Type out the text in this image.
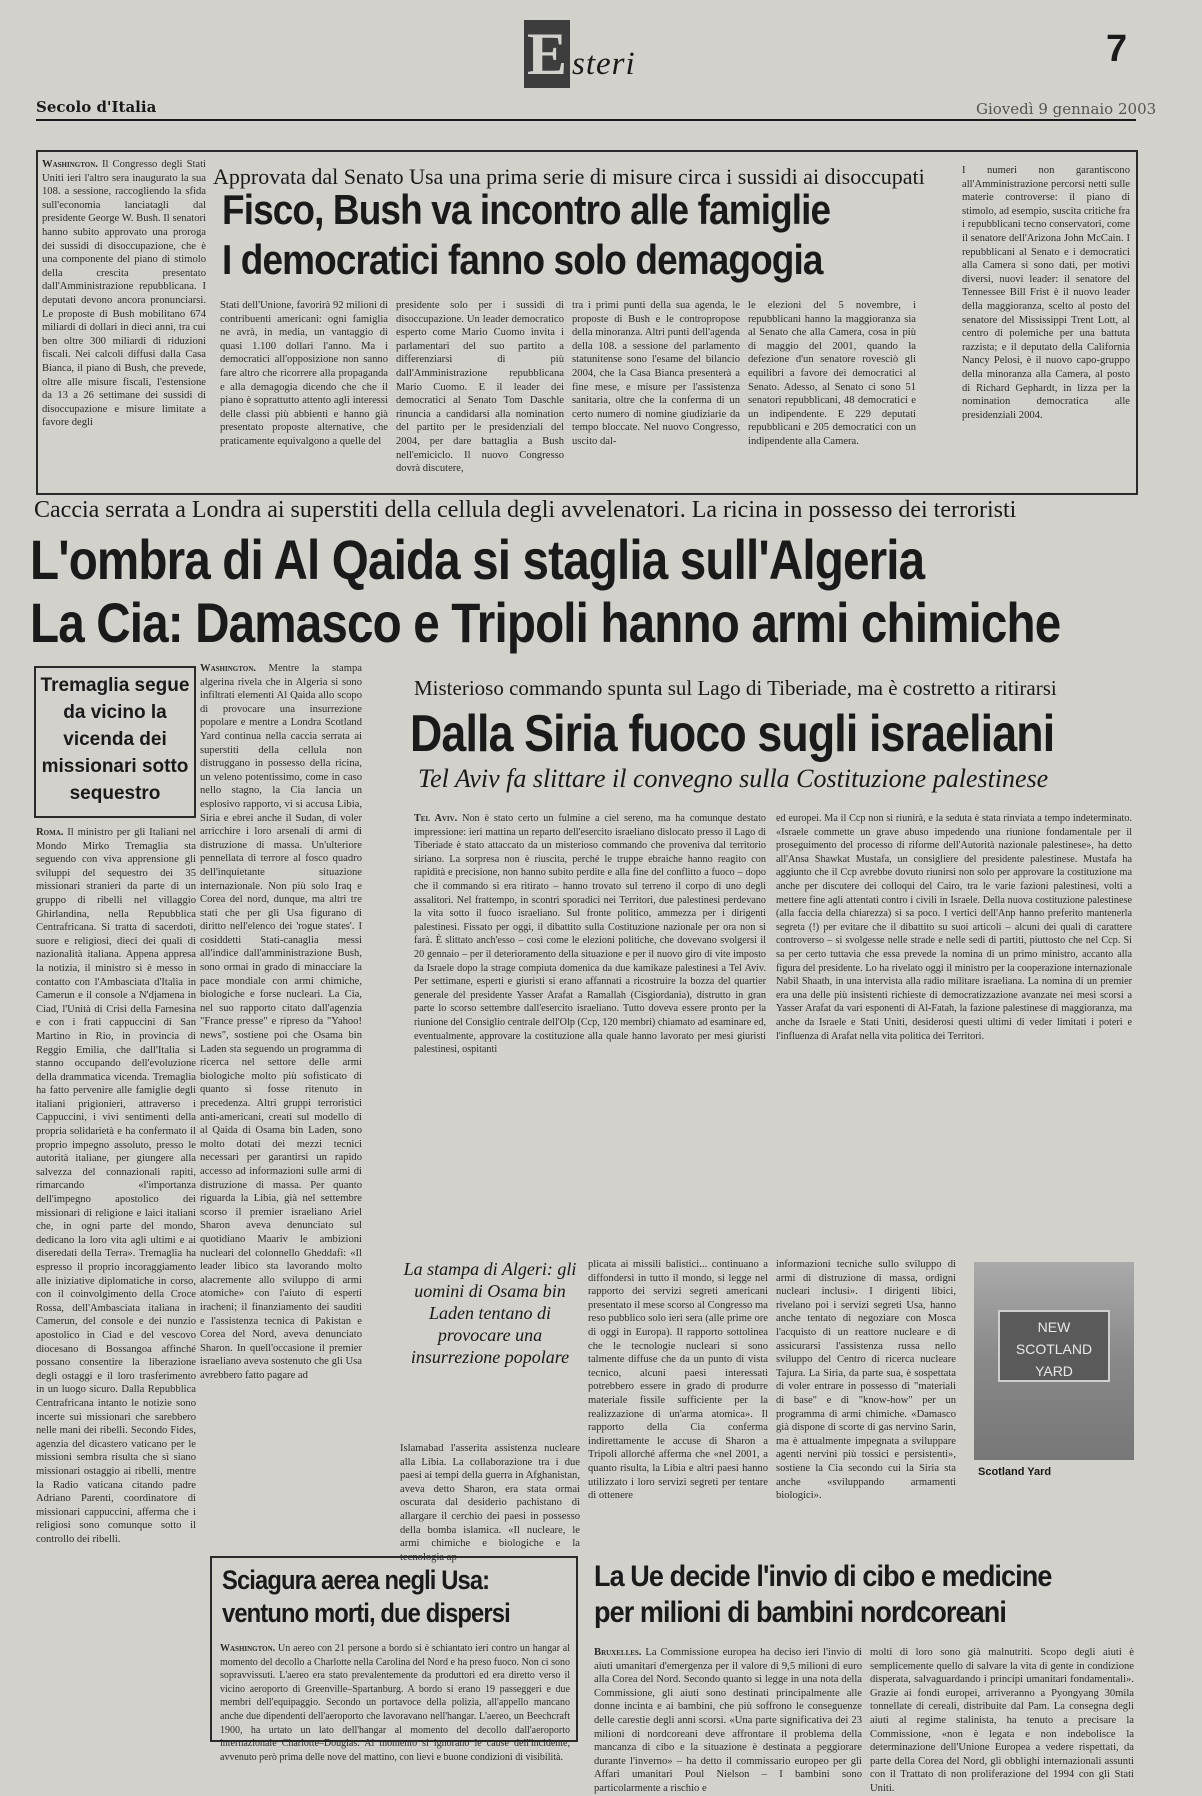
E steri	7
Secolo d'Italia	Giovedì 9 gennaio 2003
Washington. Il Congresso degli Stati Uniti ieri l'altro sera inaugurato la sua 108. a sessione, raccogliendo la sfida sull'economia lanciatagli dal presidente George W. Bush. Il senatori hanno subito approvato una proroga dei sussidi di disoccupazione, che è una componente del piano di stimolo della crescita presentato dall'Amministrazione repubblicana. I deputati devono ancora pronunciarsi. Le proposte di Bush mobilitano 674 miliardi di dollari in dieci anni, tra cui ben oltre 300 miliardi di riduzioni fiscali. Nei calcoli diffusi dalla Casa Bianca, il piano di Bush, che prevede, oltre alle misure fiscali, l'estensione da 13 a 26 settimane dei sussidi di disoccupazione e misure limitate a favore degli
Approvata dal Senato Usa una prima serie di misure circa i sussidi ai disoccupati
Fisco, Bush va incontro alle famiglie
I democratici fanno solo demagogia
Stati dell'Unione, favorirà 92 milioni di contribuenti americani: ogni famiglia ne avrà, in media, un vantaggio di quasi 1.100 dollari l'anno. Ma i democratici all'opposizione non sanno fare altro che ricorrere alla propaganda e alla demagogia dicendo che che il piano è soprattutto attento agli interessi delle classi più abbienti e hanno già presentato proposte alternative, che praticamente equivalgono a quelle del
presidente solo per i sussidi di disoccupazione. Un leader democratico esperto come Mario Cuomo invita i parlamentari del suo partito a differenziarsi di più dall'Amministrazione repubblicana Mario Cuomo. E il leader dei democratici al Senato Tom Daschle rinuncia a candidarsi alla nomination del partito per le presidenziali del 2004, per dare battaglia a Bush nell'emiciclo. Il nuovo Congresso dovrà discutere,
tra i primi punti della sua agenda, le proposte di Bush e le contropropose della minoranza. Altri punti dell'agenda della 108. a sessione del parlamento statunitense sono l'esame del bilancio 2004, che la Casa Bianca presenterà a fine mese, e misure per l'assistenza sanitaria, oltre che la conferma di un certo numero di nomine giudiziarie da tempo bloccate. Nel nuovo Congresso, uscito dal-
le elezioni del 5 novembre, i repubblicani hanno la maggioranza sia al Senato che alla Camera, cosa in più di maggio del 2001, quando la defezione d'un senatore rovesciò gli equilibri a favore dei democratici al Senato. Adesso, al Senato ci sono 51 senatori repubblicani, 48 democratici e un indipendente. E 229 deputati repubblicani e 205 democratici con un indipendente alla Camera.
I numeri non garantiscono all'Amministrazione percorsi netti sulle materie controverse: il piano di stimolo, ad esempio, suscita critiche fra i repubblicani tecno conservatori, come il senatore dell'Arizona John McCain. I repubblicani al Senato e i democratici alla Camera si sono dati, per motivi diversi, nuovi leader: il senatore del Tennessee Bill Frist è il nuovo leader della maggioranza, scelto al posto del senatore del Mississippi Trent Lott, al centro di polemiche per una battuta razzista; e il deputato della California Nancy Pelosi, è il nuovo capo-gruppo della minoranza alla Camera, al posto di Richard Gephardt, in lizza per la nomination democratica alle presidenziali 2004.
Caccia serrata a Londra ai superstiti della cellula degli avvelenatori. La ricina in possesso dei terroristi
L'ombra di Al Qaida si staglia sull'Algeria
La Cia: Damasco e Tripoli hanno armi chimiche
Tremaglia segue da vicino la vicenda dei missionari sotto sequestro
Roma. Il ministro per gli Italiani nel Mondo Mirko Tremaglia sta seguendo con viva apprensione gli sviluppi del sequestro dei 35 missionari stranieri da parte di un gruppo di ribelli nel villaggio Ghirlandina, nella Repubblica Centrafricana. Si tratta di sacerdoti, suore e religiosi, dieci dei quali di nazionalità italiana. Appena appresa la notizia, il ministro si è messo in contatto con l'Ambasciata d'Italia in Camerun e il console a N'djamena in Ciad, l'Unità di Crisi della Farnesina e con i frati cappuccini di San Martino in Rio, in provincia di Reggio Emilia, che dall'Italia si stanno occupando dell'evoluzione della drammatica vicenda. Tremaglia ha fatto pervenire alle famiglie degli italiani prigionieri, attraverso i Cappuccini, i vivi sentimenti della propria solidarietà e ha confermato il proprio impegno assoluto, presso le autorità italiane, per giungere alla salvezza del connazionali rapiti, rimarcando «l'importanza dell'impegno apostolico dei missionari di religione e laici italiani che, in ogni parte del mondo, dedicano la loro vita agli ultimi e ai diseredati della Terra». Tremaglia ha espresso il proprio incoraggiamento alle iniziative diplomatiche in corso, con il coinvolgimento della Croce Rossa, dell'Ambasciata italiana in Camerun, del console e dei nunzio apostolico in Ciad e del vescovo diocesano di Bossangoa affinché possano consentire la liberazione degli ostaggi e il loro trasferimento in un luogo sicuro. Dalla Repubblica Centrafricana intanto le notizie sono incerte sui missionari che sarebbero nelle mani dei ribelli. Secondo Fides, agenzia del dicastero vaticano per le missioni sembra risulta che sì siano missionari ostaggio ai ribelli, mentre la Radio vaticana citando padre Adriano Parenti, coordinatore di missionari cappuccini, afferma che i religiosi sono comunque sotto il controllo dei ribelli.
Washington. Mentre la stampa algerina rivela che in Algeria si sono infiltrati elementi Al Qaida allo scopo di provocare una insurrezione popolare e mentre a Londra Scotland Yard continua nella caccia serrata ai superstiti della cellula non distruggano in possesso della ricina, un veleno potentissimo, come in caso nello stagno, la Cia lancia un esplosivo rapporto, vi si accusa Libia, Siria e ebrei anche il Sudan, di voler arricchire i loro arsenali di armi di distruzione di massa. Un'ulteriore pennellata di terrore al fosco quadro dell'inquietante situazione internazionale. Non più solo Iraq e Corea del nord, dunque, ma altri tre stati che per gli Usa figurano di diritto nell'elenco dei 'rogue states'. I cosiddetti Stati-canaglia messi all'indice dall'amministrazione Bush, sono ormai in grado di minacciare la pace mondiale con armi chimiche, biologiche e forse nucleari. La Cia, nel suo rapporto citato dall'agenzia "France presse" e ripreso da "Yahoo! news", sostiene poi che Osama bin Laden sta seguendo un programma di ricerca nel settore delle armi biologiche molto più sofisticato di quanto si fosse ritenuto in precedenza. Altri gruppi terroristici anti-americani, creati sul modello di al Qaida di Osama bin Laden, sono molto dotati dei mezzi tecnici necessari per garantirsi un rapido accesso ad informazioni sulle armi di distruzione di massa. Per quanto riguarda la Libia, già nel settembre scorso il premier israeliano Ariel Sharon aveva denunciato sul quotidiano Maariv le ambizioni nucleari del colonnello Gheddafi: «Il leader libico sta lavorando molto alacremente allo sviluppo di armi atomiche» con l'aiuto di esperti iracheni; il finanziamento dei sauditi e l'assistenza tecnica di Pakistan e Corea del Nord, aveva denunciato Sharon. In quell'occasione il premier israeliano aveva sostenuto che gli Usa avrebbero fatto pagare ad
La stampa di Algeri: gli uomini di Osama bin Laden tentano di provocare una insurrezione popolare
Islamabad l'asserita assistenza nucleare alla Libia. La collaborazione tra i due paesi ai tempi della guerra in Afghanistan, aveva detto Sharon, era stata ormai oscurata dal desiderio pachistano di allargare il cerchio dei paesi in possesso della bomba islamica. «Il nucleare, le armi chimiche e biologiche e la tecnologia ap-
plicata ai missili balistici... continuano a diffondersi in tutto il mondo, si legge nel rapporto dei servizi segreti americani presentato il mese scorso al Congresso ma reso pubblico solo ieri sera (alle prime ore di oggi in Europa). Il rapporto sottolinea che le tecnologie nucleari si sono talmente diffuse che da un punto di vista tecnico, alcuni paesi interessati potrebbero essere in grado di produrre materiale fissile sufficiente per la realizzazione di un'arma atomica». Il rapporto della Cia conferma indirettamente le accuse di Sharon a Tripoli allorché afferma che «nel 2001, a quanto risulta, la Libia e altri paesi hanno utilizzato i loro servizi segreti per tentare di ottenere
informazioni tecniche sullo sviluppo di armi di distruzione di massa, ordigni nucleari inclusi». I dirigenti libici, rivelano poi i servizi segreti Usa, hanno anche tentato di negoziare con Mosca l'acquisto di un reattore nucleare e di assicurarsi l'assistenza russa nello sviluppo del Centro di ricerca nucleare Tajura. La Siria, da parte sua, è sospettata di voler entrare in possesso di "materiali di base" e di "know-how" per un programma di armi chimiche. «Damasco già dispone di scorte di gas nervino Sarin, ma è attualmente impegnata a sviluppare agenti nervini più tossici e persistenti», sostiene la Cia secondo cui la Siria sta anche «sviluppando armamenti biologici».
NEW SCOTLAND YARD
Scotland Yard
Misterioso commando spunta sul Lago di Tiberiade, ma è costretto a ritirarsi
Dalla Siria fuoco sugli israeliani
Tel Aviv fa slittare il convegno sulla Costituzione palestinese
Tel Aviv. Non è stato certo un fulmine a ciel sereno, ma ha comunque destato impressione: ieri mattina un reparto dell'esercito israeliano dislocato presso il Lago di Tiberiade è stato attaccato da un misterioso commando che proveniva dal territorio siriano. La sorpresa non è riuscita, perché le truppe ebraiche hanno reagito con rapidità e precisione, non hanno subito perdite e alla fine del conflitto a fuoco – dopo che il commando si era ritirato – hanno trovato sul terreno il corpo di uno degli assalitori. Nel frattempo, in scontri sporadici nei Territori, due palestinesi perdevano la vita sotto il fuoco israeliano. Sul fronte politico, ammezza per i dirigenti palestinesi. Fissato per oggi, il dibattito sulla Costituzione nazionale per ora non si farà. È slittato anch'esso – così come le elezioni politiche, che dovevano svolgersi il 20 gennaio – per il deterioramento della situazione e per il nuovo giro di vite imposto da Israele dopo la strage compiuta domenica da due kamikaze palestinesi a Tel Aviv. Per settimane, esperti e giuristi si erano affannati a ricostruire la bozza del quartier generale del presidente Yasser Arafat a Ramallah (Cisgiordania), distrutto in gran parte lo scorso settembre dall'esercito israeliano. Tutto doveva essere pronto per la riunione del Consiglio centrale dell'Olp (Ccp, 120 membri) chiamato ad esaminare ed, eventualmente, approvare la costituzione alla quale hanno lavorato per mesi giuristi palestinesi, ospitanti
ed europei. Ma il Ccp non si riunirà, e la seduta è stata rinviata a tempo indeterminato. «Israele commette un grave abuso impedendo una riunione fondamentale per il proseguimento del processo di riforme dell'Autorità nazionale palestinese», ha detto all'Ansa Shawkat Mustafa, un consigliere del presidente palestinese. Mustafa ha aggiunto che il Ccp avrebbe dovuto riunirsi non solo per approvare la costituzione ma anche per discutere dei colloqui del Cairo, tra le varie fazioni palestinesi, volti a mettere fine agli attentati contro i civili in Israele. Della nuova costituzione palestinese (alla faccia della chiarezza) si sa poco. I vertici dell'Anp hanno preferito mantenerla segreta (!) per evitare che il dibattito su suoi articoli – alcuni dei quali di carattere controverso – si svolgesse nelle strade e nelle sedi di partiti, piuttosto che nel Ccp. Si sa per certo tuttavia che essa prevede la nomina di un primo ministro, accanto alla figura del presidente. Lo ha rivelato oggi il ministro per la cooperazione internazionale Nabil Shaath, in una intervista alla radio militare israeliana. La nomina di un premier era una delle più insistenti richieste di democratizzazione avanzate nei mesi scorsi a Yasser Arafat da vari esponenti di Al-Fatah, la fazione palestinese di maggioranza, ma anche da Israele e Stati Uniti, desiderosi questi ultimi di veder limitati i poteri e l'influenza di Arafat nella vita politica dei Territori.
Sciagura aerea negli Usa: ventuno morti, due dispersi
Washington. Un aereo con 21 persone a bordo si è schiantato ieri contro un hangar al momento del decollo a Charlotte nella Carolina del Nord e ha preso fuoco. Non ci sono sopravvissuti. L'aereo era stato prevalentemente da produttori ed era diretto verso il vicino aeroporto di Greenville–Spartanburg. A bordo si erano 19 passeggeri e due membri dell'equipaggio. Secondo un portavoce della polizia, all'appello mancano anche due dipendenti dell'aeroporto che lavoravano nell'hangar. L'aereo, un Beechcraft 1900, ha urtato un lato dell'hangar al momento del decollo dall'aeroporto internazionale Charlotte–Douglas. Al momento si ignorano le cause dell'incidente, avvenuto però prima delle nove del mattino, con lievi e buone condizioni di visibilità.
La Ue decide l'invio di cibo e medicine
per milioni di bambini nordcoreani
Bruxelles. La Commissione europea ha deciso ieri l'invio di aiuti umanitari d'emergenza per il valore di 9,5 milioni di euro alla Corea del Nord. Secondo quanto si legge in una nota della Commissione, gli aiuti sono destinati principalmente alle donne incinta e ai bambini, che più soffrono le conseguenze delle carestie degli anni scorsi. «Una parte significativa dei 23 milioni di nordcoreani deve affrontare il problema della mancanza di cibo e la situazione è destinata a peggiorare durante l'inverno» – ha detto il commissario europeo per gli Affari umanitari Poul Nielson – I bambini sono particolarmente a rischio e
molti di loro sono già malnutriti. Scopo degli aiuti è semplicemente quello di salvare la vita di gente in condizione disperata, salvaguardando i principi umanitari fondamentali». Grazie ai fondi europei, arriveranno a Pyongyang 30mila tonnellate di cereali, distribuite dal Pam. La consegna degli aiuti al regime stalinista, ha tenuto a precisare la Commissione, «non è legata e non indebolisce la determinazione dell'Unione Europea a vedere rispettati, da parte della Corea del Nord, gli obblighi internazionali assunti con il Trattato di non proliferazione del 1994 con gli Stati Uniti.
